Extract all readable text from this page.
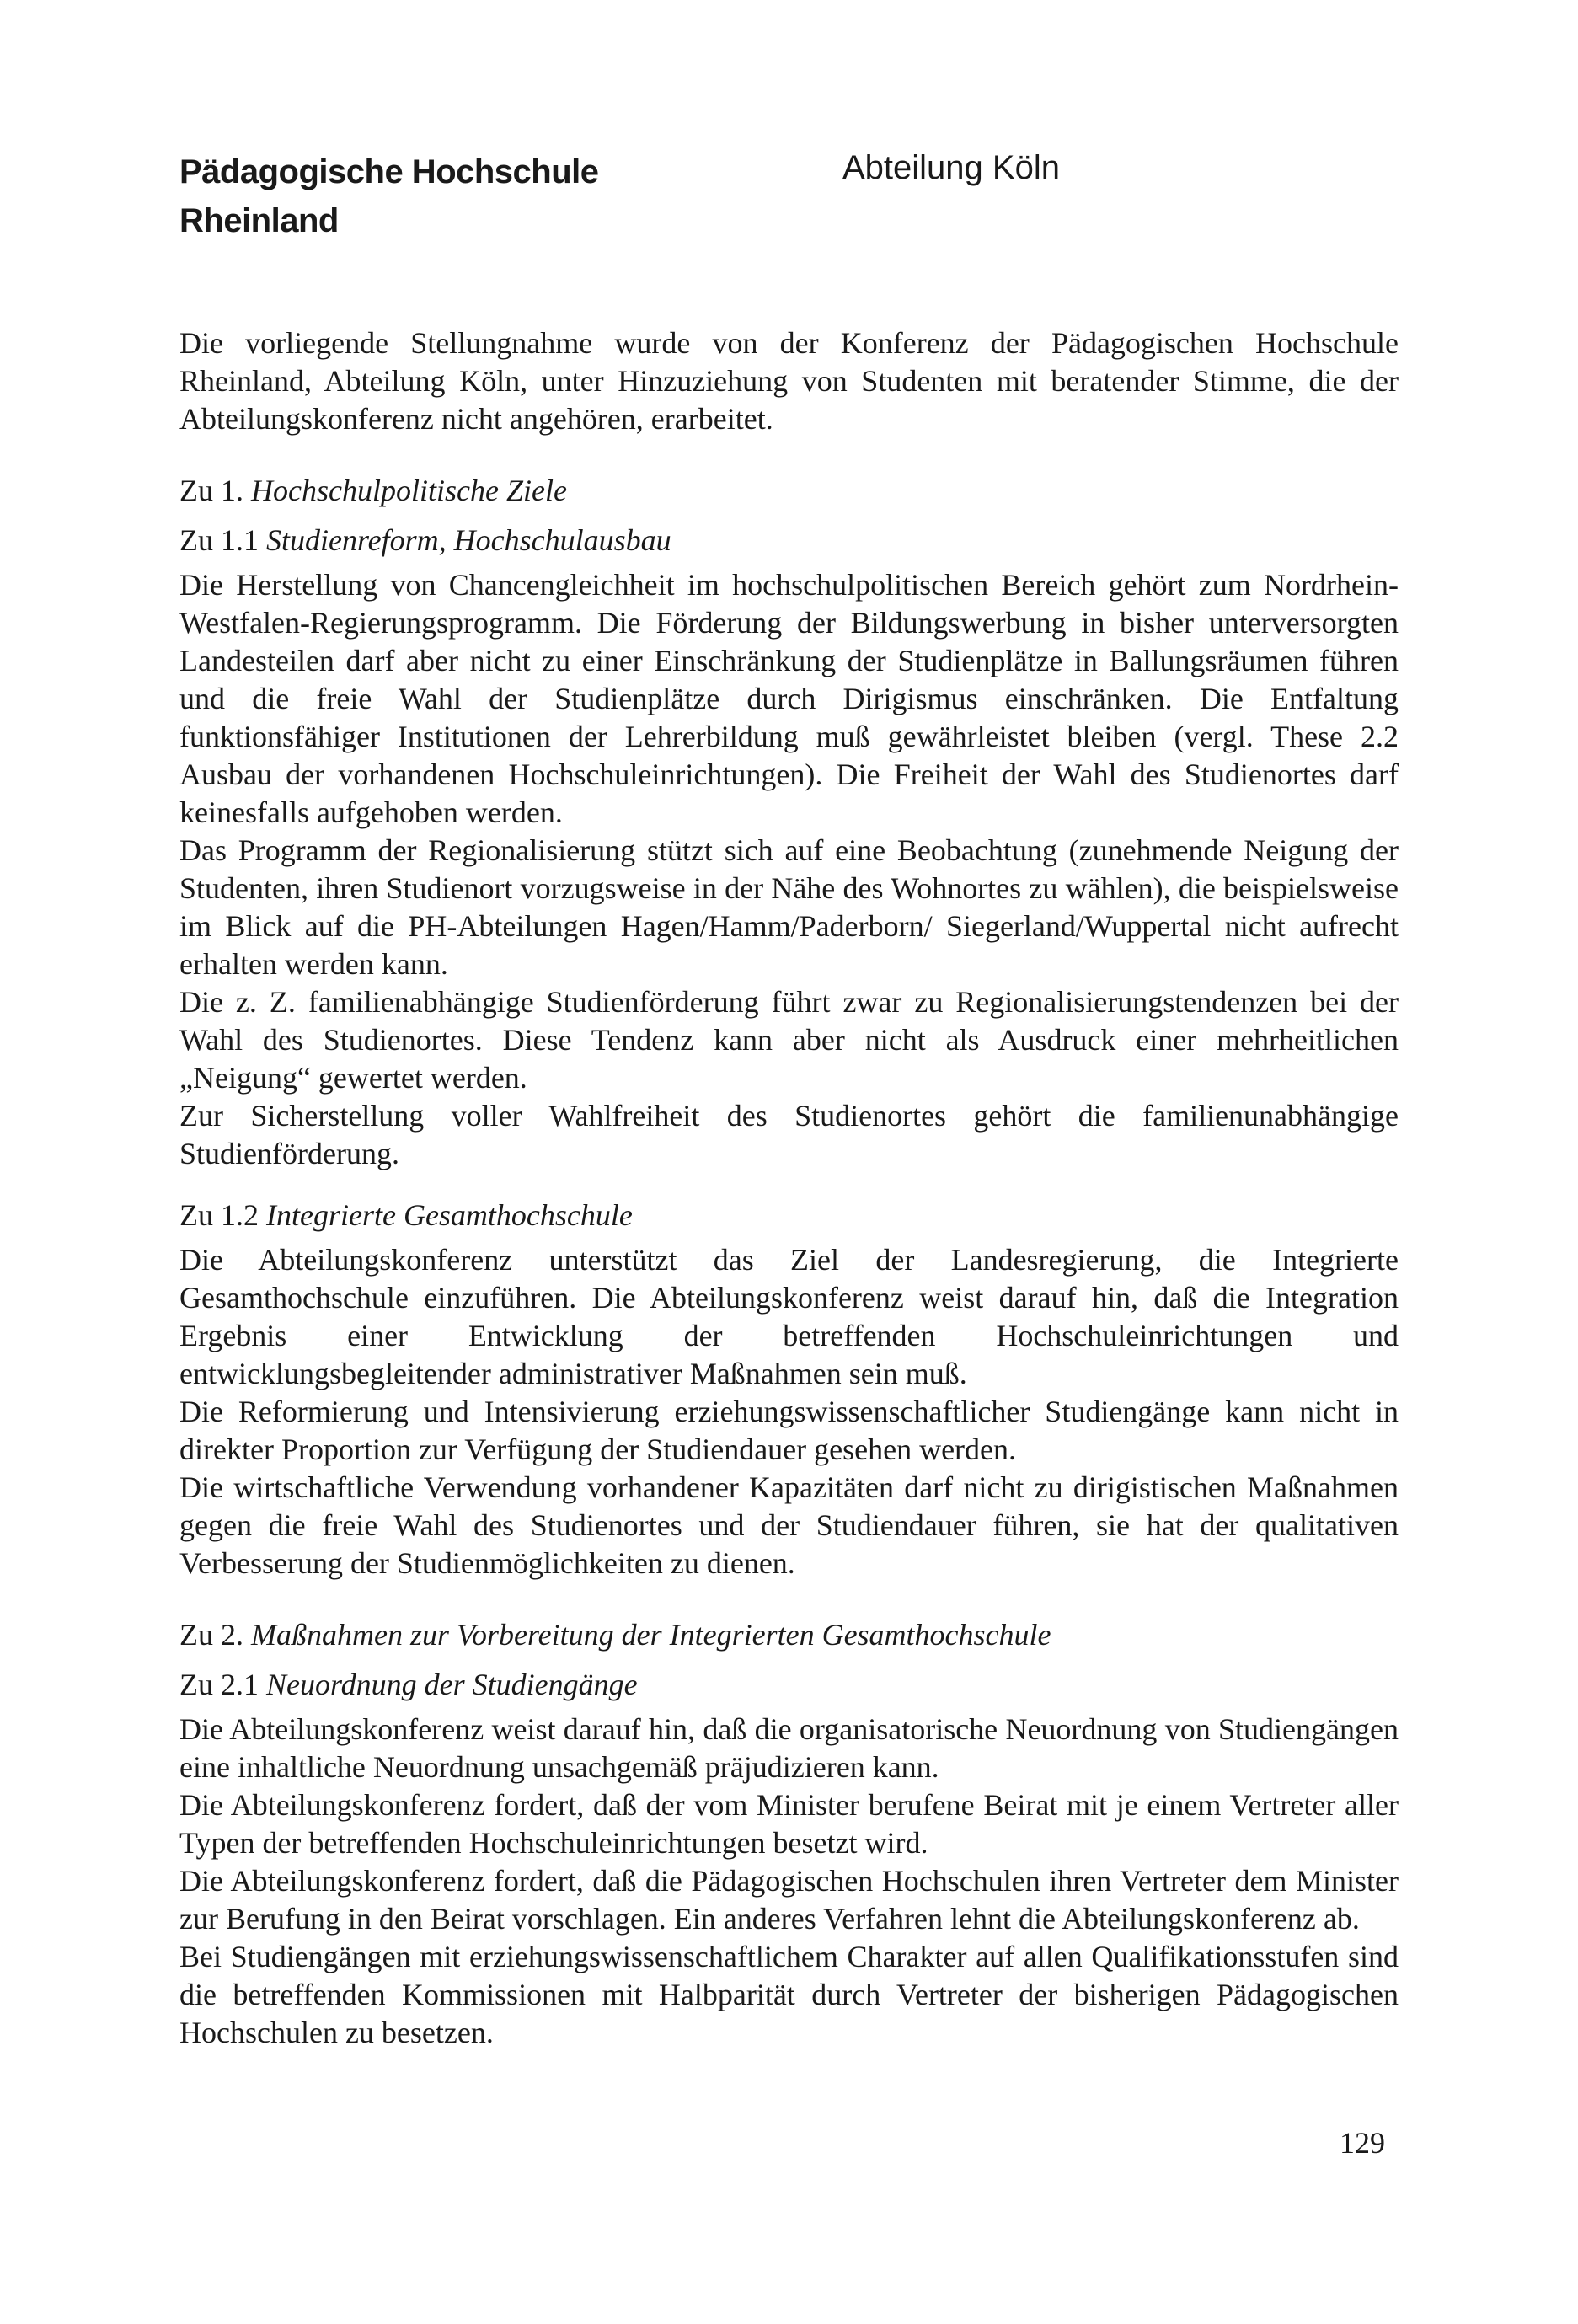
Pädagogische Hochschule
Rheinland
Abteilung Köln

Die vorliegende Stellungnahme wurde von der Konferenz der Pädagogischen Hochschule Rheinland, Abteilung Köln, unter Hinzuziehung von Studenten mit beratender Stimme, die der Abteilungskonferenz nicht angehören, erarbeitet.

Zu 1. Hochschulpolitische Ziele

Zu 1.1 Studienreform, Hochschulausbau

Die Herstellung von Chancengleichheit im hochschulpolitischen Bereich gehört zum Nordrhein-Westfalen-Regierungsprogramm. Die Förderung der Bildungswerbung in bisher unterversorgten Landesteilen darf aber nicht zu einer Einschränkung der Studienplätze in Ballungsräumen führen und die freie Wahl der Studienplätze durch Dirigismus einschränken. Die Entfaltung funktionsfähiger Institutionen der Lehrerbildung muß gewährleistet bleiben (vergl. These 2.2 Ausbau der vorhandenen Hochschuleinrichtungen). Die Freiheit der Wahl des Studienortes darf keinesfalls aufgehoben werden.

Das Programm der Regionalisierung stützt sich auf eine Beobachtung (zunehmende Neigung der Studenten, ihren Studienort vorzugsweise in der Nähe des Wohnortes zu wählen), die beispielsweise im Blick auf die PH-Abteilungen Hagen/Hamm/Paderborn/ Siegerland/Wuppertal nicht aufrecht erhalten werden kann.

Die z. Z. familienabhängige Studienförderung führt zwar zu Regionalisierungstendenzen bei der Wahl des Studienortes. Diese Tendenz kann aber nicht als Ausdruck einer mehrheitlichen „Neigung“ gewertet werden.

Zur Sicherstellung voller Wahlfreiheit des Studienortes gehört die familienunabhängige Studienförderung.

Zu 1.2 Integrierte Gesamthochschule

Die Abteilungskonferenz unterstützt das Ziel der Landesregierung, die Integrierte Gesamthochschule einzuführen. Die Abteilungskonferenz weist darauf hin, daß die Integration Ergebnis einer Entwicklung der betreffenden Hochschuleinrichtungen und entwicklungsbegleitender administrativer Maßnahmen sein muß.

Die Reformierung und Intensivierung erziehungswissenschaftlicher Studiengänge kann nicht in direkter Proportion zur Verfügung der Studiendauer gesehen werden.

Die wirtschaftliche Verwendung vorhandener Kapazitäten darf nicht zu dirigistischen Maßnahmen gegen die freie Wahl des Studienortes und der Studiendauer führen, sie hat der qualitativen Verbesserung der Studienmöglichkeiten zu dienen.

Zu 2. Maßnahmen zur Vorbereitung der Integrierten Gesamthochschule

Zu 2.1 Neuordnung der Studiengänge

Die Abteilungskonferenz weist darauf hin, daß die organisatorische Neuordnung von Studiengängen eine inhaltliche Neuordnung unsachgemäß präjudizieren kann.

Die Abteilungskonferenz fordert, daß der vom Minister berufene Beirat mit je einem Vertreter aller Typen der betreffenden Hochschuleinrichtungen besetzt wird.

Die Abteilungskonferenz fordert, daß die Pädagogischen Hochschulen ihren Vertreter dem Minister zur Berufung in den Beirat vorschlagen. Ein anderes Verfahren lehnt die Abteilungskonferenz ab.

Bei Studiengängen mit erziehungswissenschaftlichem Charakter auf allen Qualifikationsstufen sind die betreffenden Kommissionen mit Halbparität durch Vertreter der bisherigen Pädagogischen Hochschulen zu besetzen.

129
